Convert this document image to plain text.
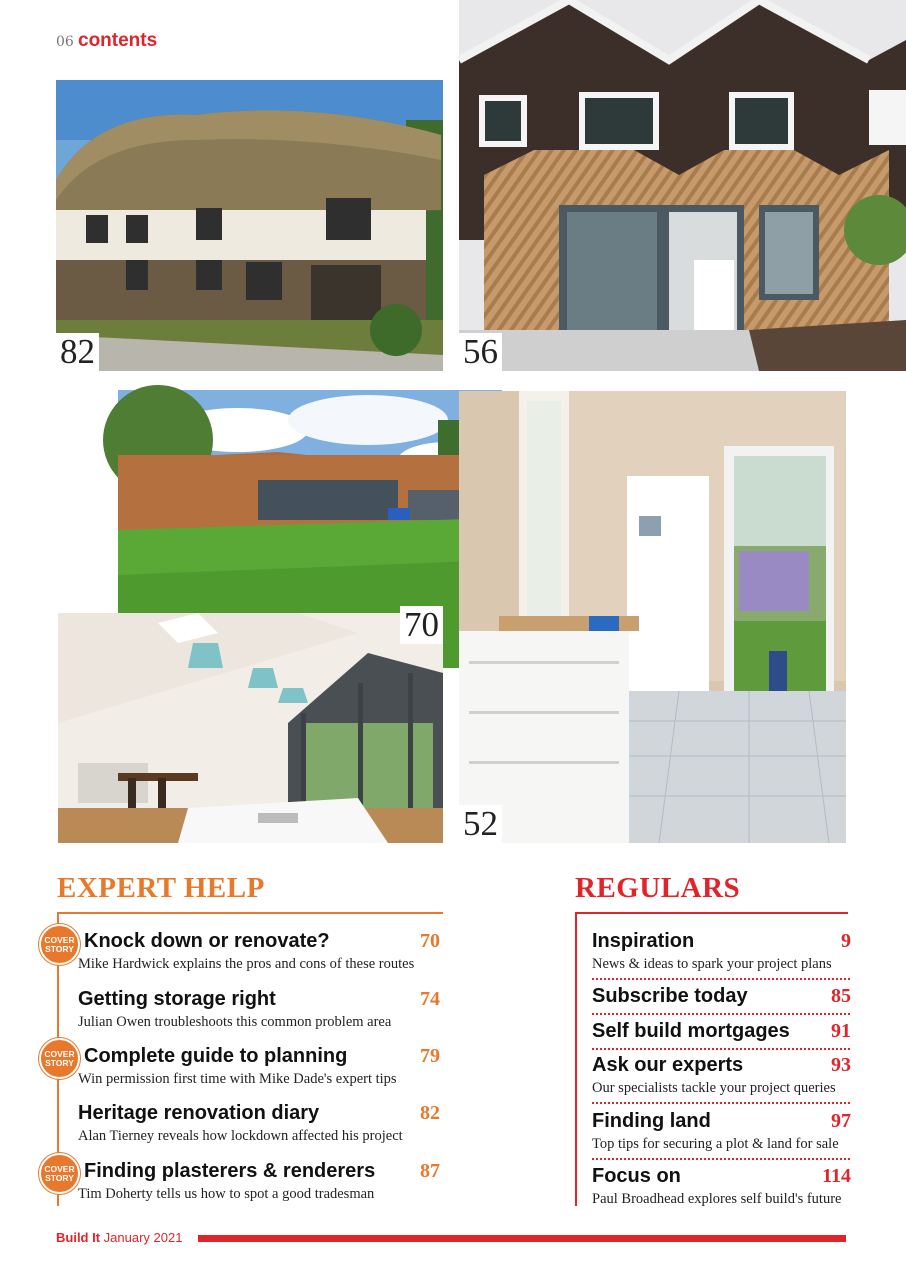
06 contents
82	56
70
52
EXPERT HELP
COVER
STORY Knock down or renovate?	70
Mike Hardwick explains the pros and cons of these routes
Getting storage right	74
Julian Owen troubleshoots this common problem area
COVER
STORY Complete guide to planning	79
Win permission first time with Mike Dade's expert tips
Heritage renovation diary	82
Alan Tierney reveals how lockdown affected his project
COVER
STORY Finding plasterers & renderers 87
Tim Doherty tells us how to spot a good tradesman
REGULARS
Inspiration	9
News & ideas to spark your project plans
Subscribe today	85
Self build mortgages 91
Ask our experts	93
Our specialists tackle your project queries
Finding land	97
Top tips for securing a plot & land for sale
Focus on	114
Paul Broadhead explores self build's future
Build It January 2021
